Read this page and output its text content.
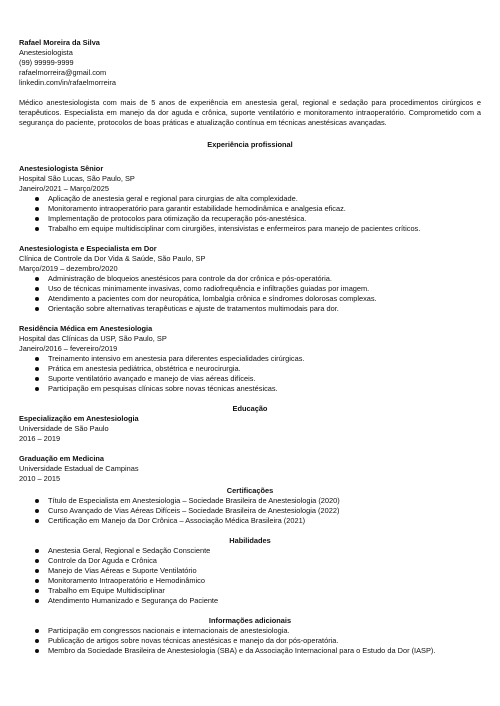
Rafael Moreira da Silva
Anestesiologista
(99) 99999-9999
rafaelmorreira@gmail.com
linkedin.com/in/rafaelmorreira

Médico anestesiologista com mais de 5 anos de experiência em anestesia geral, regional e sedação para procedimentos cirúrgicos e terapêuticos. Especialista em manejo da dor aguda e crônica, suporte ventilatório e monitoramento intraoperatório. Comprometido com a segurança do paciente, protocolos de boas práticas e atualização contínua em técnicas anestésicas avançadas.

Experiência profissional
Anestesiologista Sênior
Hospital São Lucas, São Paulo, SP
Janeiro/2021 – Março/2025
Aplicação de anestesia geral e regional para cirurgias de alta complexidade.
Monitoramento intraoperatório para garantir estabilidade hemodinâmica e analgesia eficaz.
Implementação de protocolos para otimização da recuperação pós-anestésica.
Trabalho em equipe multidisciplinar com cirurgiões, intensivistas e enfermeiros para manejo de pacientes críticos.
Anestesiologista e Especialista em Dor
Clínica de Controle da Dor Vida & Saúde, São Paulo, SP
Março/2019 – dezembro/2020
Administração de bloqueios anestésicos para controle da dor crônica e pós-operatória.
Uso de técnicas minimamente invasivas, como radiofrequência e infiltrações guiadas por imagem.
Atendimento a pacientes com dor neuropática, lombalgia crônica e síndromes dolorosas complexas.
Orientação sobre alternativas terapêuticas e ajuste de tratamentos multimodais para dor.
Residência Médica em Anestesiologia
Hospital das Clínicas da USP, São Paulo, SP
Janeiro/2016 – fevereiro/2019
Treinamento intensivo em anestesia para diferentes especialidades cirúrgicas.
Prática em anestesia pediátrica, obstétrica e neurocirurgia.
Suporte ventilatório avançado e manejo de vias aéreas difíceis.
Participação em pesquisas clínicas sobre novas técnicas anestésicas.
Educação
Especialização em Anestesiologia
Universidade de São Paulo
2016 – 2019
Graduação em Medicina
Universidade Estadual de Campinas
2010 – 2015
Certificações
Título de Especialista em Anestesiologia – Sociedade Brasileira de Anestesiologia (2020)
Curso Avançado de Vias Aéreas Difíceis – Sociedade Brasileira de Anestesiologia (2022)
Certificação em Manejo da Dor Crônica – Associação Médica Brasileira (2021)
Habilidades
Anestesia Geral, Regional e Sedação Consciente
Controle da Dor Aguda e Crônica
Manejo de Vias Aéreas e Suporte Ventilatório
Monitoramento Intraoperatório e Hemodinâmico
Trabalho em Equipe Multidisciplinar
Atendimento Humanizado e Segurança do Paciente
Informações adicionais
Participação em congressos nacionais e internacionais de anestesiologia.
Publicação de artigos sobre novas técnicas anestésicas e manejo da dor pós-operatória.
Membro da Sociedade Brasileira de Anestesiologia (SBA) e da Associação Internacional para o Estudo da Dor (IASP).
